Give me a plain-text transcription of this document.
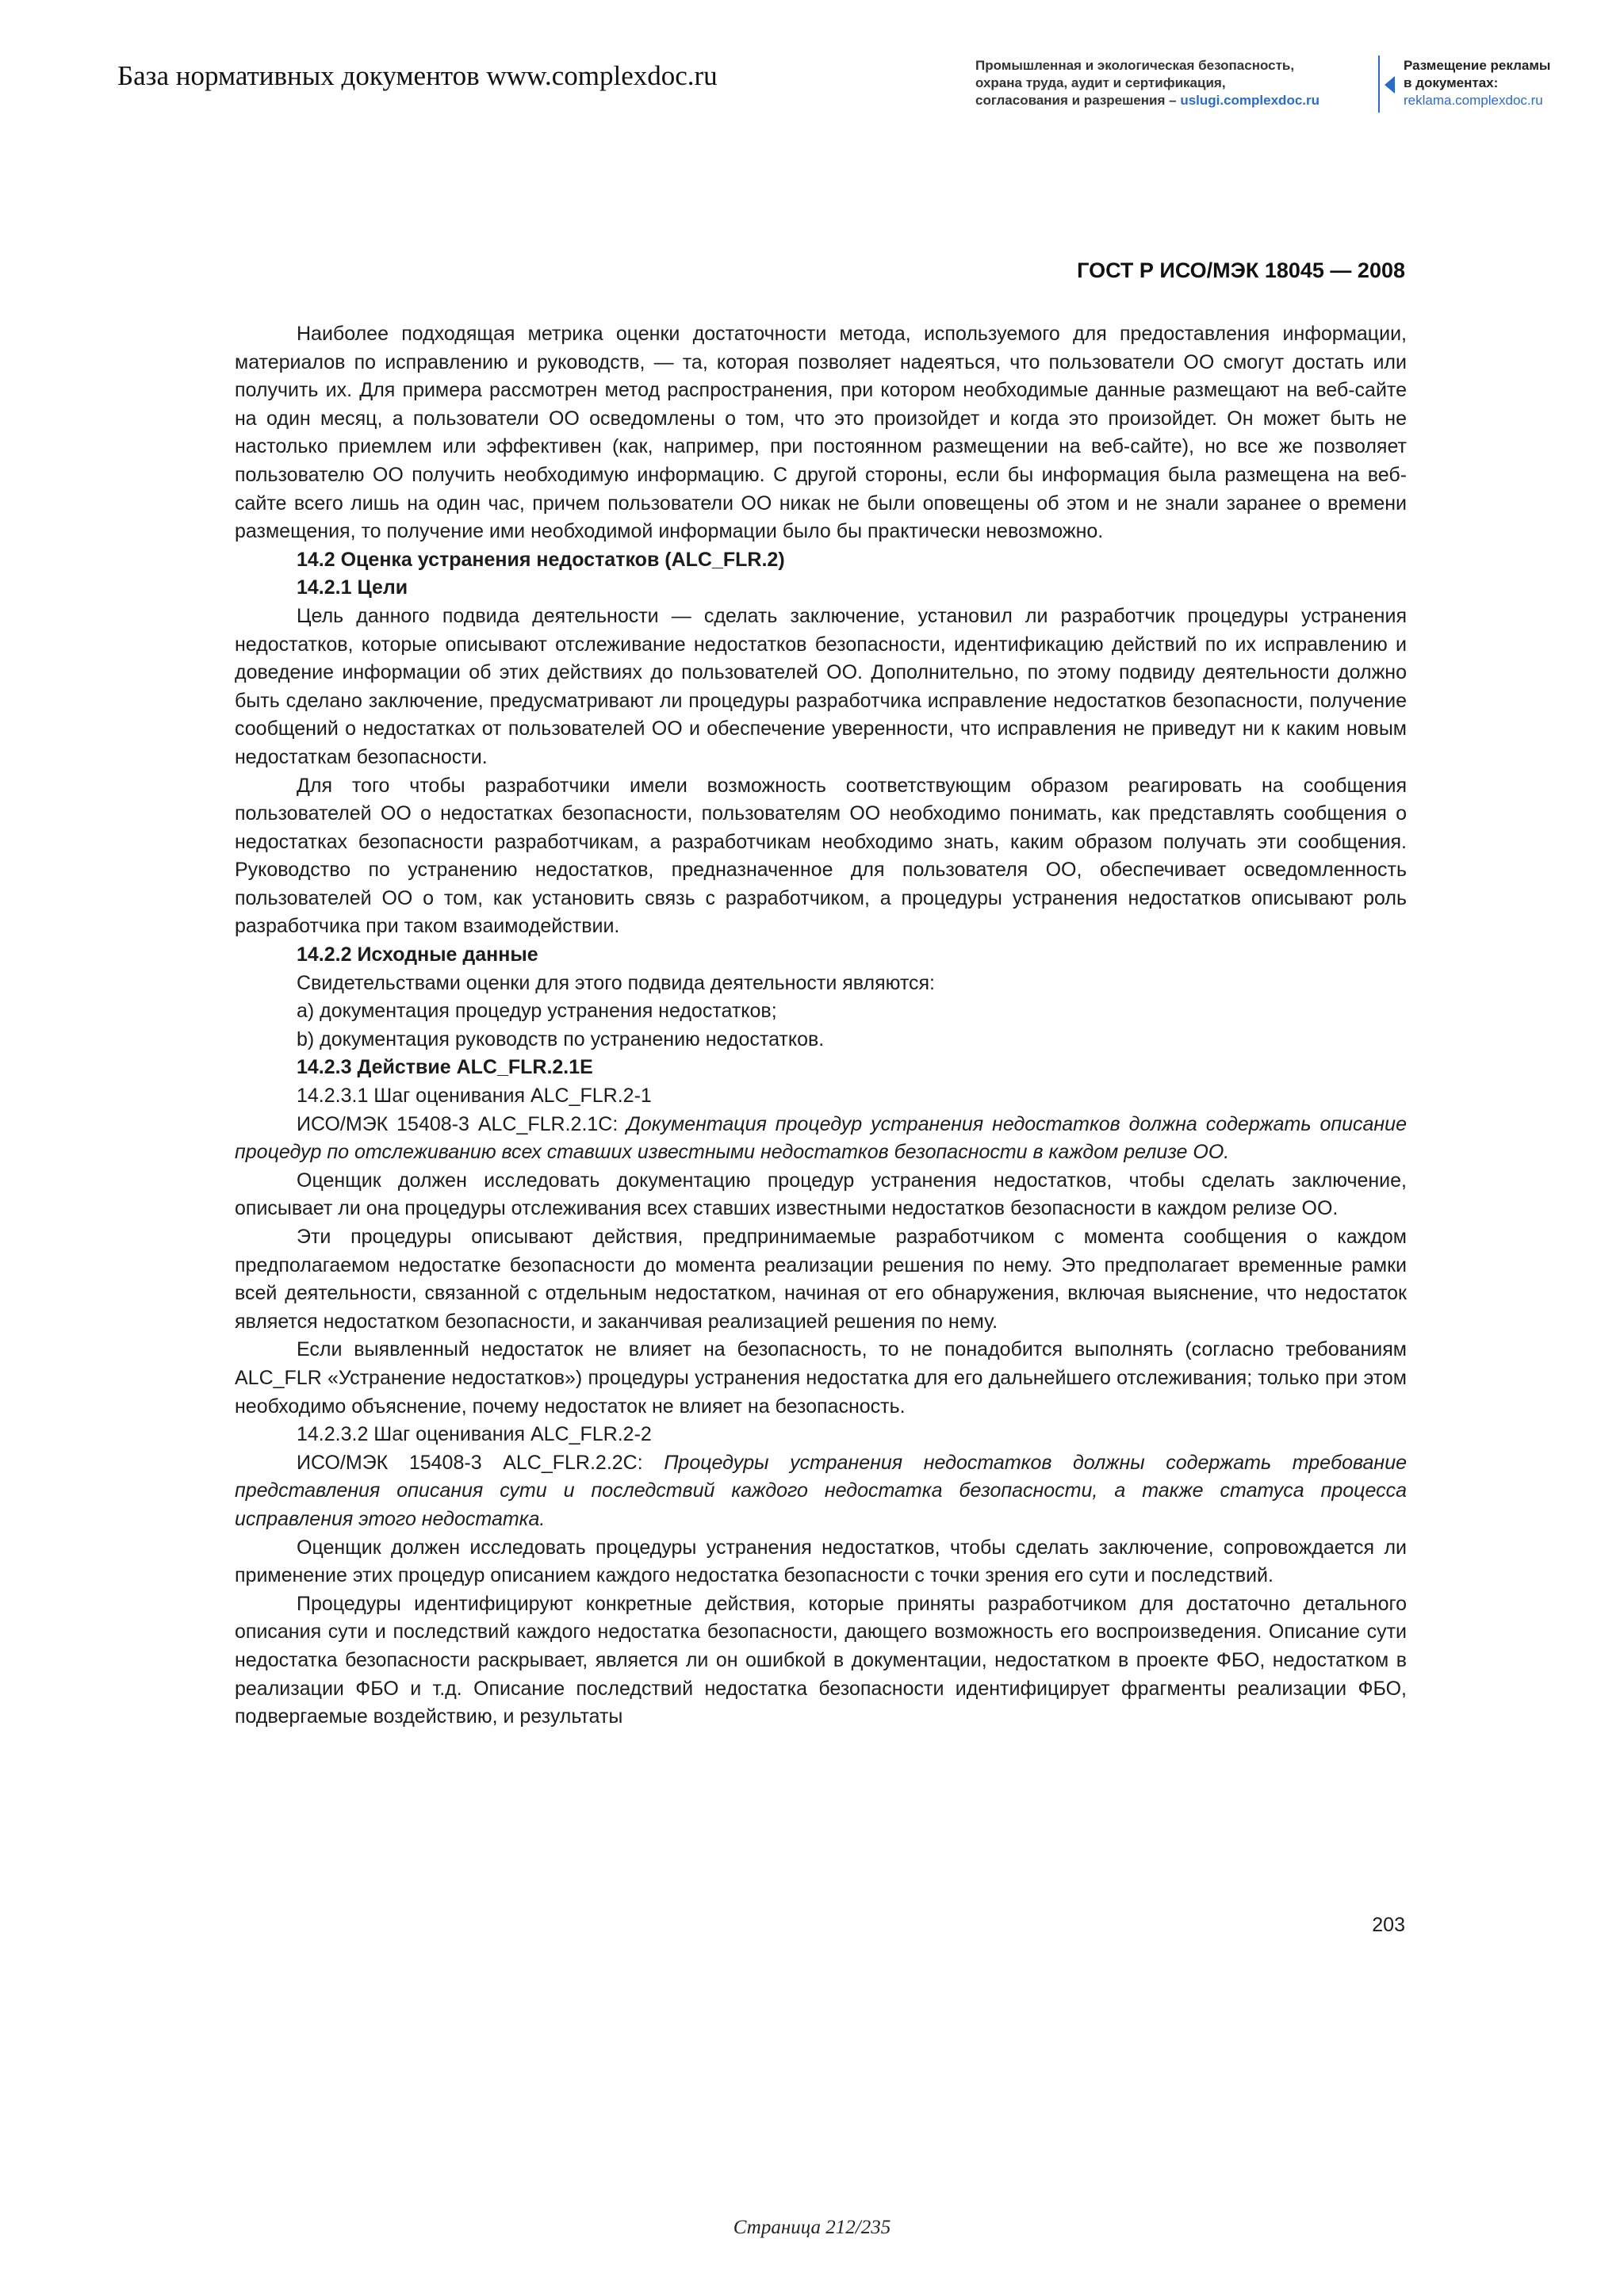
База нормативных документов www.complexdoc.ru	Промышленная и экологическая безопасность,
охрана труда, аудит и сертификация,
согласования и разрешения – uslugi.complexdoc.ru
Размещение рекламы
в документах:
reklama.complexdoc.ru
ГОСТ Р ИСО/МЭК 18045 — 2008

Наиболее подходящая метрика оценки достаточности метода, используемого для предоставления информации, материалов по исправлению и руководств, — та, которая позволяет надеяться, что пользователи ОО смогут достать или получить их. Для примера рассмотрен метод распространения, при котором необходимые данные размещают на веб-сайте на один месяц, а пользователи ОО осведомлены о том, что это произойдет и когда это произойдет. Он может быть не настолько приемлем или эффективен (как, например, при постоянном размещении на веб-сайте), но все же позволяет пользователю ОО получить необходимую информацию. С другой стороны, если бы информация была размещена на веб-сайте всего лишь на один час, причем пользователи ОО никак не были оповещены об этом и не знали заранее о времени размещения, то получение ими необходимой информации было бы практически невозможно.

14.2 Оценка устранения недостатков (ALC_FLR.2)

14.2.1 Цели

Цель данного подвида деятельности — сделать заключение, установил ли разработчик процедуры устранения недостатков, которые описывают отслеживание недостатков безопасности, идентификацию действий по их исправлению и доведение информации об этих действиях до пользователей ОО. Дополнительно, по этому подвиду деятельности должно быть сделано заключение, предусматривают ли процедуры разработчика исправление недостатков безопасности, получение сообщений о недостатках от пользователей ОО и обеспечение уверенности, что исправления не приведут ни к каким новым недостаткам безопасности.

Для того чтобы разработчики имели возможность соответствующим образом реагировать на сообщения пользователей ОО о недостатках безопасности, пользователям ОО необходимо понимать, как представлять сообщения о недостатках безопасности разработчикам, а разработчикам необходимо знать, каким образом получать эти сообщения. Руководство по устранению недостатков, предназначенное для пользователя ОО, обеспечивает осведомленность пользователей ОО о том, как установить связь с разработчиком, а процедуры устранения недостатков описывают роль разработчика при таком взаимодействии.

14.2.2 Исходные данные

Свидетельствами оценки для этого подвида деятельности являются:

a) документация процедур устранения недостатков;

b) документация руководств по устранению недостатков.

14.2.3 Действие ALC_FLR.2.1E

14.2.3.1 Шаг оценивания ALC_FLR.2-1

ИСО/МЭК 15408-3 ALC_FLR.2.1C: Документация процедур устранения недостатков должна содержать описание процедур по отслеживанию всех ставших известными недостатков безопасности в каждом релизе ОО.

Оценщик должен исследовать документацию процедур устранения недостатков, чтобы сделать заключение, описывает ли она процедуры отслеживания всех ставших известными недостатков безопасности в каждом релизе ОО.

Эти процедуры описывают действия, предпринимаемые разработчиком с момента сообщения о каждом предполагаемом недостатке безопасности до момента реализации решения по нему. Это предполагает временные рамки всей деятельности, связанной с отдельным недостатком, начиная от его обнаружения, включая выяснение, что недостаток является недостатком безопасности, и заканчивая реализацией решения по нему.

Если выявленный недостаток не влияет на безопасность, то не понадобится выполнять (согласно требованиям ALC_FLR «Устранение недостатков») процедуры устранения недостатка для его дальнейшего отслеживания; только при этом необходимо объяснение, почему недостаток не влияет на безопасность.

14.2.3.2 Шаг оценивания ALC_FLR.2-2

ИСО/МЭК 15408-3 ALC_FLR.2.2C: Процедуры устранения недостатков должны содержать требование представления описания сути и последствий каждого недостатка безопасности, а также статуса процесса исправления этого недостатка.

Оценщик должен исследовать процедуры устранения недостатков, чтобы сделать заключение, сопровождается ли применение этих процедур описанием каждого недостатка безопасности с точки зрения его сути и последствий.

Процедуры идентифицируют конкретные действия, которые приняты разработчиком для достаточно детального описания сути и последствий каждого недостатка безопасности, дающего возможность его воспроизведения. Описание сути недостатка безопасности раскрывает, является ли он ошибкой в документации, недостатком в проекте ФБО, недостатком в реализации ФБО и т.д. Описание последствий недостатка безопасности идентифицирует фрагменты реализации ФБО, подвергаемые воздействию, и результаты

203
Страница 212/235
